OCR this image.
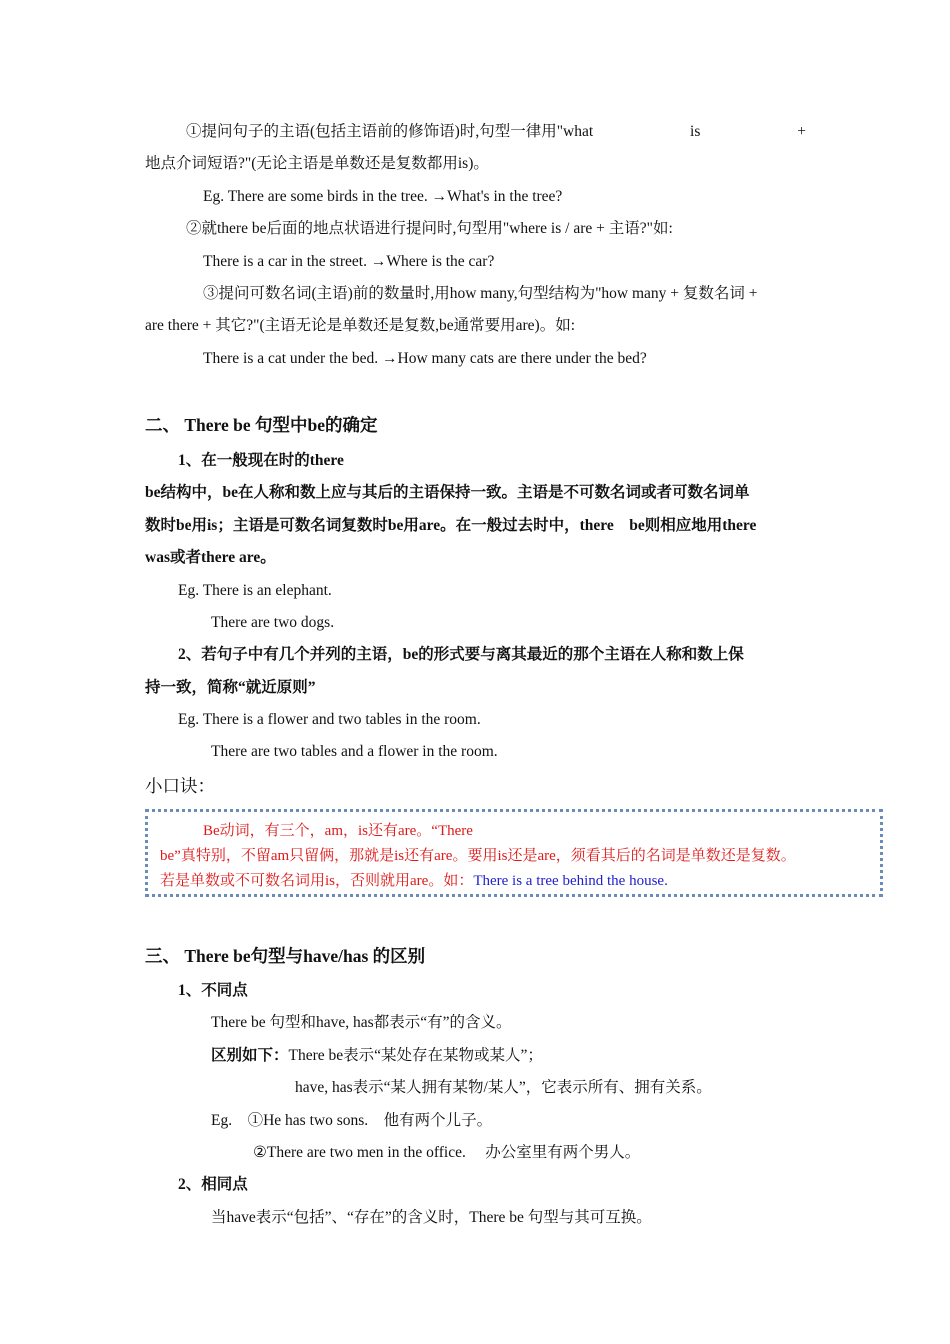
①提问句子的主语(包括主语前的修饰语)时,句型一律用"what	is	+
地点介词短语?"(无论主语是单数还是复数都用is)。
Eg. There are some birds in the tree. →What's in the tree?
②就there be后面的地点状语进行提问时,句型用"where is / are + 主语?"如:
There is a car in the street. →Where is the car?
③提问可数名词(主语)前的数量时,用how many,句型结构为"how many + 复数名词 +
are there + 其它?"(主语无论是单数还是复数,be通常要用are)。如:
There is a cat under the bed. →How many cats are there under the bed?
二、 There be 句型中be的确定
1、在一般现在时的there
be结构中，be在人称和数上应与其后的主语保持一致。主语是不可数名词或者可数名词单
数时be用is；主语是可数名词复数时be用are。在一般过去时中，there　be则相应地用there
was或者there are。
Eg. There is an elephant.
There are two dogs.
2、若句子中有几个并列的主语，be的形式要与离其最近的那个主语在人称和数上保
持一致，简称“就近原则”
Eg. There is a flower and two tables in the room.
There are two tables and a flower in the room.
小口诀：
Be动词，有三个，am，is还有are。“There
be”真特别，不留am只留俩，那就是is还有are。要用is还是are，须看其后的名词是单数还是复数。
若是单数或不可数名词用is，否则就用are。如：There is a tree behind the house.
三、 There be句型与have/has 的区别
1、不同点
There be 句型和have, has都表示“有”的含义。
区别如下：There be表示“某处存在某物或某人”；
have, has表示“某人拥有某物/某人”，它表示所有、拥有关系。
Eg.　①He has two sons.　他有两个儿子。
②There are two men in the office.　 办公室里有两个男人。
2、相同点
当have表示“包括”、“存在”的含义时，There be 句型与其可互换。
